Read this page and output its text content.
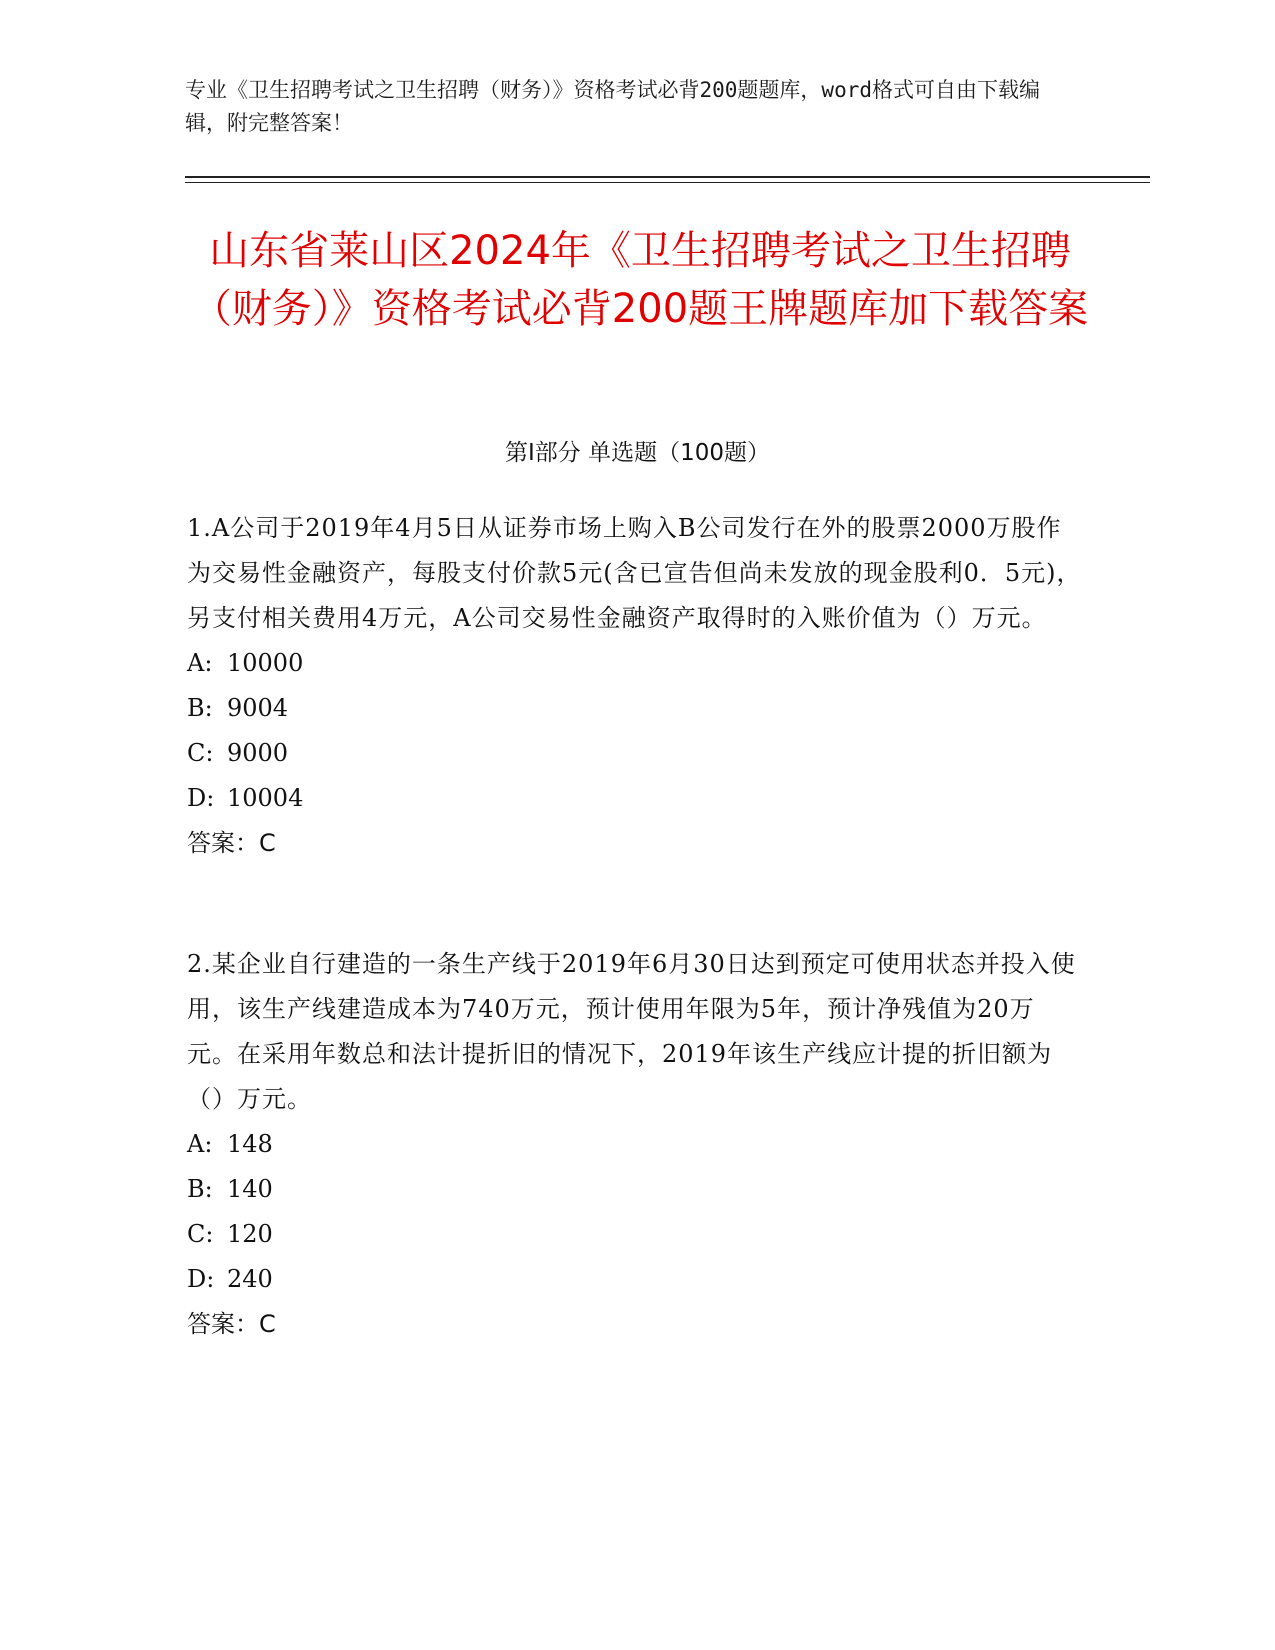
专业《卫生招聘考试之卫生招聘（财务）》资格考试必背200题题库，word格式可自由下载编辑，附完整答案！
山东省莱山区2024年《卫生招聘考试之卫生招聘（财务）》资格考试必背200题王牌题库加下载答案
第I部分 单选题（100题）
1.A公司于2019年4月5日从证券市场上购入B公司发行在外的股票2000万股作为交易性金融资产，每股支付价款5元(含已宣告但尚未发放的现金股利0．5元)，另支付相关费用4万元，A公司交易性金融资产取得时的入账价值为（）万元。
A: 10000
B: 9004
C: 9000
D: 10004
答案：C
2.某企业自行建造的一条生产线于2019年6月30日达到预定可使用状态并投入使用，该生产线建造成本为740万元，预计使用年限为5年，预计净残值为20万元。在采用年数总和法计提折旧的情况下，2019年该生产线应计提的折旧额为（）万元。
A: 148
B: 140
C: 120
D: 240
答案：C
